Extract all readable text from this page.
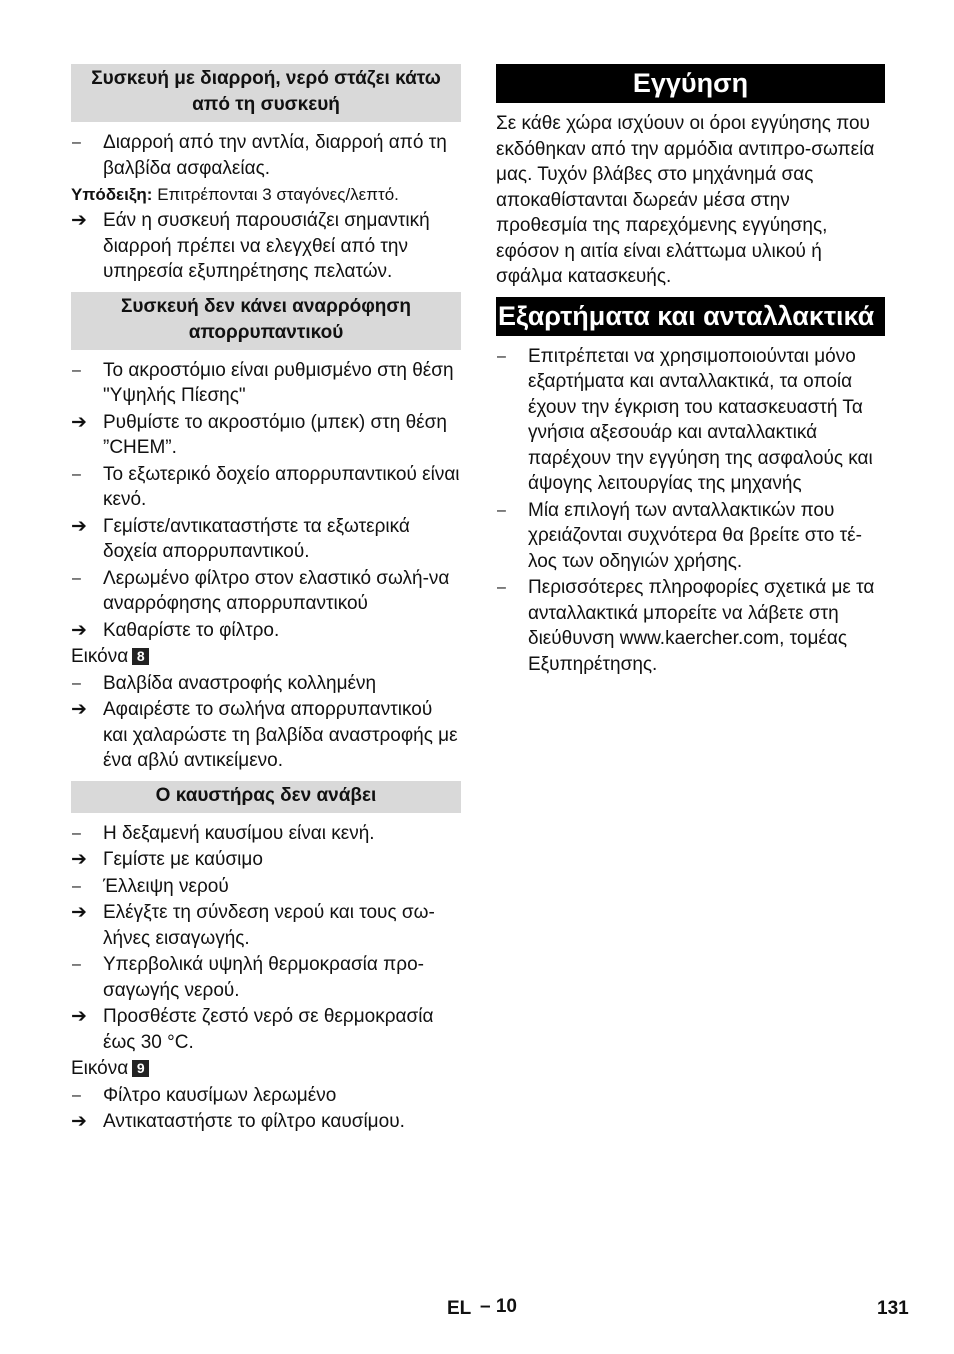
Συσκευή με διαρροή, νερό στάζει κάτω από τη συσκευή
–	Διαρροή από την αντλία, διαρροή από τη βαλβίδα ασφαλείας.
Υπόδειξη: Επιτρέπονται 3 σταγόνες/λεπτό.
➔ Εάν η συσκευή παρουσιάζει σημαντική διαρροή πρέπει να ελεγχθεί από την υπηρεσία εξυπηρέτησης πελατών.
Συσκευή δεν κάνει αναρρόφηση απορρυπαντικού
–	Το ακροστόμιο είναι ρυθμισμένο στη θέση "Υψηλής Πίεσης"
➔ Ρυθμίστε το ακροστόμιο (μπεκ) στη θέση ”CHEM”.
–	Το εξωτερικό δοχείο απορρυπαντικού είναι κενό.
➔ Γεμίστε/αντικαταστήστε τα εξωτερικά δοχεία απορρυπαντικού.
–	Λερωμένο φίλτρο στον ελαστικό σωλή-να αναρρόφησης απορρυπαντικού
➔ Καθαρίστε το φίλτρο.
Εικόνα 8
–	Βαλβίδα αναστροφής κολλημένη
➔ Αφαιρέστε το σωλήνα απορρυπαντικού και χαλαρώστε τη βαλβίδα αναστροφής με ένα αβλύ αντικείμενο.
Ο καυστήρας δεν ανάβει
–	Η δεξαμενή καυσίμου είναι κενή.
➔ Γεμίστε με καύσιμο
–	Έλλειψη νερού
➔ Ελέγξτε τη σύνδεση νερού και τους σω-λήνες εισαγωγής.
–	Υπερβολικά υψηλή θερμοκρασία προ-σαγωγής νερού.
➔ Προσθέστε ζεστό νερό σε θερμοκρασία έως 30 °C.
Εικόνα 9
–	Φίλτρο καυσίμων λερωμένο
➔ Αντικαταστήστε το φίλτρο καυσίμου.
Εγγύηση
Σε κάθε χώρα ισχύουν οι όροι εγγύησης που εκδόθηκαν από την αρμόδια αντιπρο-σωπεία μας. Τυχόν βλάβες στο μηχάνημά σας αποκαθίστανται δωρεάν μέσα στην προθεσμία της παρεχόμενης εγγύησης, εφόσον η αιτία είναι ελάττωμα υλικού ή σφάλμα κατασκευής.
Εξαρτήματα και ανταλλακτικά
–	Επιτρέπεται να χρησιμοποιούνται μόνο εξαρτήματα και ανταλλακτικά, τα οποία έχουν την έγκριση του κατασκευαστή Τα γνήσια αξεσουάρ και ανταλλακτικά παρέχουν την εγγύηση της ασφαλούς και άψογης λειτουργίας της μηχανής
–	Μία επιλογή των ανταλλακτικών που χρειάζονται συχνότερα θα βρείτε στο τέ-λος των οδηγιών χρήσης.
–	Περισσότερες πληροφορίες σχετικά με τα ανταλλακτικά μπορείτε να λάβετε στη διεύθυνση www.kaercher.com, τομέας Εξυπηρέτησης.
EL – 10	131
